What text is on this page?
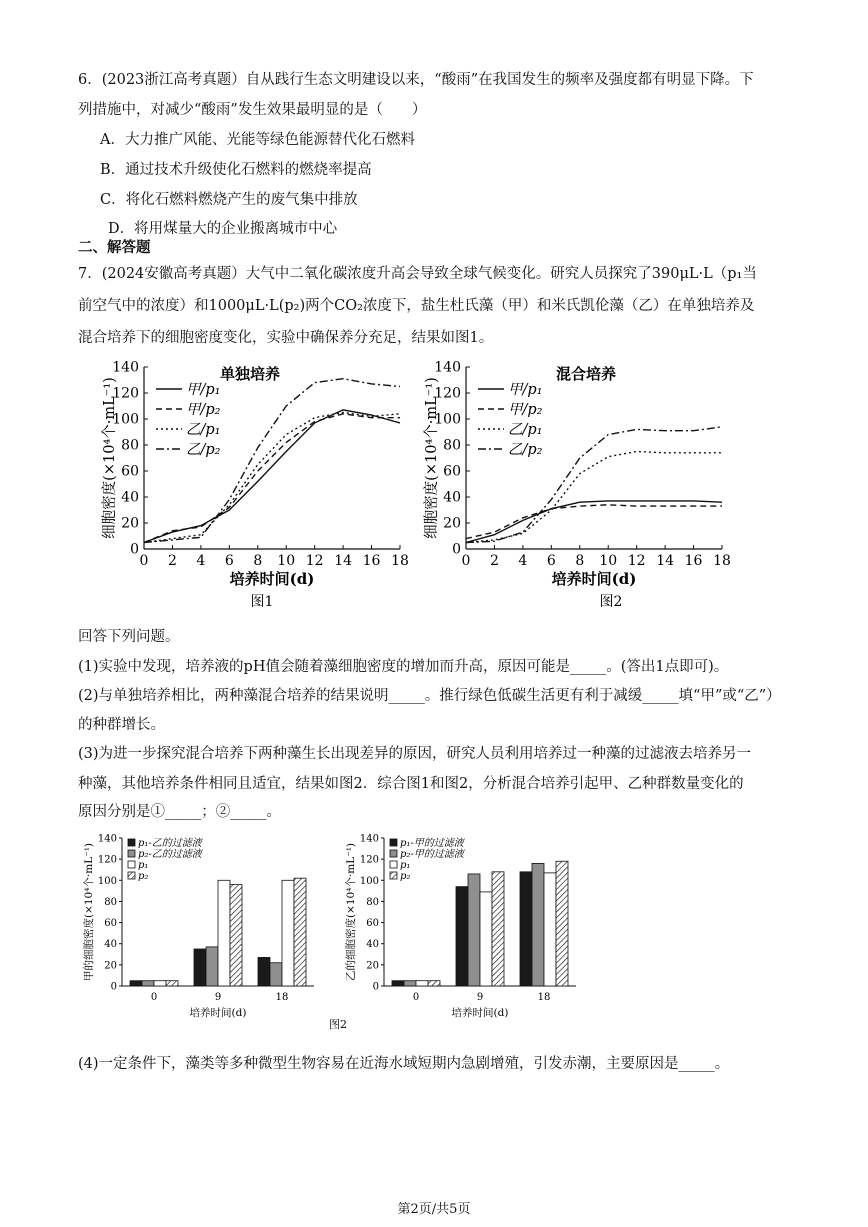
6．(2023浙江高考真题）自从践行生态文明建设以来，“酸雨”在我国发生的频率及强度都有明显下降。下
列措施中，对减少“酸雨”发生效果最明显的是（　　）
A．大力推广风能、光能等绿色能源替代化石燃料
B．通过技术升级使化石燃料的燃烧率提高
C．将化石燃料燃烧产生的废气集中排放
D．将用煤量大的企业搬离城市中心
二、解答题
7．(2024安徽高考真题）大气中二氧化碳浓度升高会导致全球气候变化。研究人员探究了390μL·L（p₁当
前空气中的浓度）和1000μL·L(p₂)两个CO₂浓度下，盐生杜氏藻（甲）和米氏凯伦藻（乙）在单独培养及
混合培养下的细胞密度变化，实验中确保养分充足，结果如图1。
0
20
40
60
80
100
120
140
0 2 4 6 8 10 12 14 16 18
单独培养
培养时间(d)
细胞密度(×10⁴个·mL⁻¹)	甲/p₁
甲/p₂
乙/p₁
乙/p₂
0
20
40
60
80
100
120
140
0 2 4 6 8 10 12 14 16 18
混合培养
培养时间(d)
细胞密度(×10⁴个·mL⁻¹)	甲/p₁
甲/p₂
乙/p₁
乙/p₂
图1	图2
回答下列问题。
(1)实验中发现，培养液的pH值会随着藻细胞密度的增加而升高，原因可能是_____。(答出1点即可)。
(2)与单独培养相比，两种藻混合培养的结果说明_____。推行绿色低碳生活更有利于减缓_____填“甲”或“乙”）
的种群增长。
(3)为进一步探究混合培养下两种藻生长出现差异的原因，研究人员利用培养过一种藻的过滤液去培养另一
种藻，其他培养条件相同且适宜，结果如图2．综合图1和图2，分析混合培养引起甲、乙种群数量变化的
原因分别是①_____；②_____。
0
20
40
60
80
100
120
140
0	9	18
培养时间(d)
甲的细胞密度(×10⁴个·mL⁻¹)	p₁-乙的过滤液
p₂-乙的过滤液
p₁
p₂
0
20
40
60
80
100
120
140
0	9	18
培养时间(d)
乙的细胞密度(×10⁴个·mL⁻¹)	p₁-甲的过滤液
p₂-甲的过滤液
p₁
p₂
图2
(4)一定条件下，藻类等多种微型生物容易在近海水域短期内急剧增殖，引发赤潮，主要原因是_____。
第2页/共5页
